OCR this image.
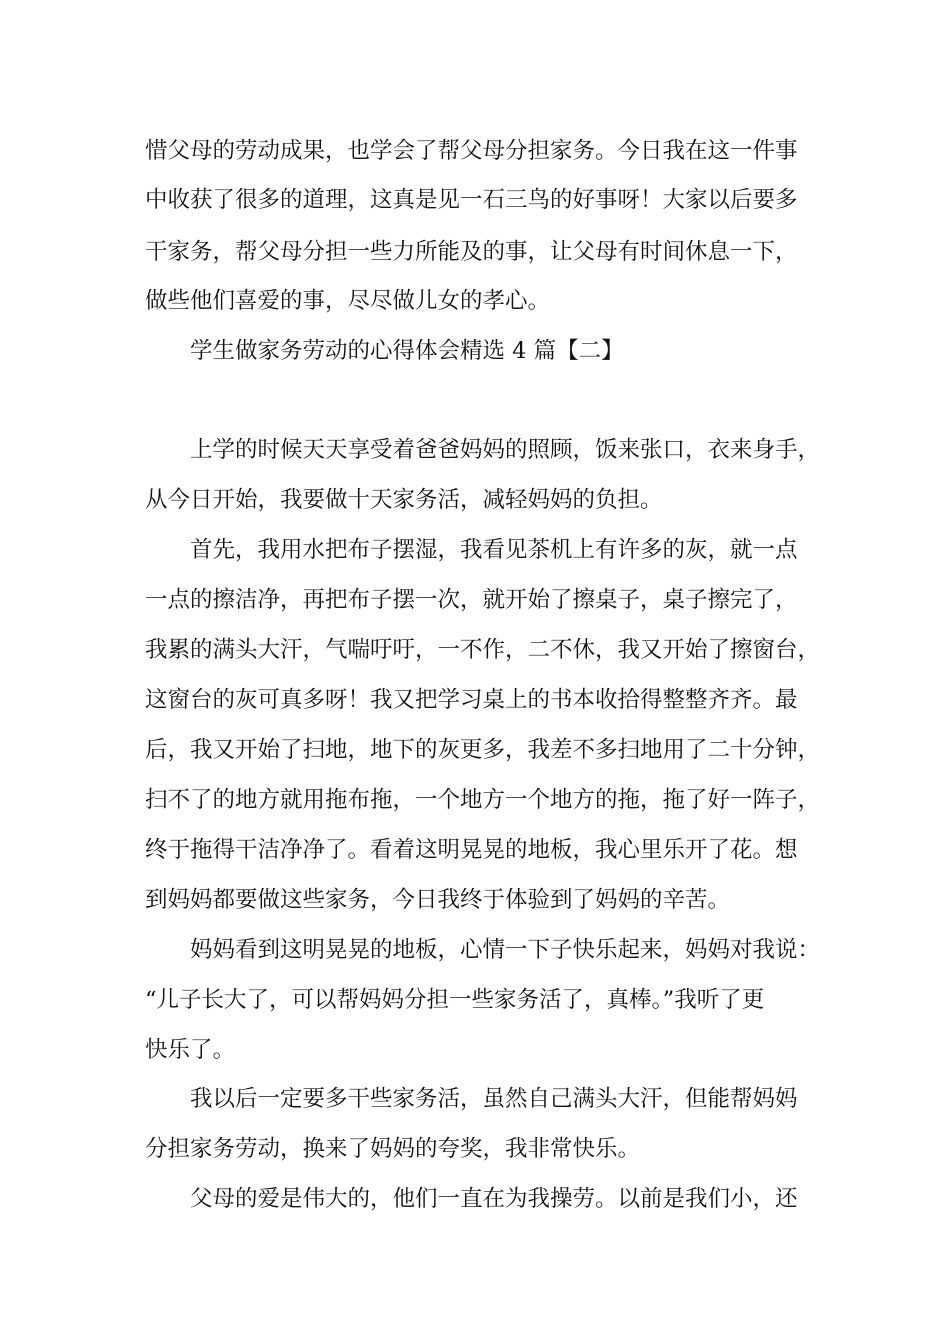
惜父母的劳动成果，也学会了帮父母分担家务。今日我在这一件事
中收获了很多的道理，这真是见一石三鸟的好事呀！大家以后要多
干家务，帮父母分担一些力所能及的事，让父母有时间休息一下，
做些他们喜爱的事，尽尽做儿女的孝心。
学生做家务劳动的心得体会精选 4 篇【二】
上学的时候天天享受着爸爸妈妈的照顾，饭来张口，衣来身手，
从今日开始，我要做十天家务活，减轻妈妈的负担。
首先，我用水把布子摆湿，我看见茶机上有许多的灰，就一点
一点的擦洁净，再把布子摆一次，就开始了擦桌子，桌子擦完了，
我累的满头大汗，气喘吁吁，一不作，二不休，我又开始了擦窗台，
这窗台的灰可真多呀！我又把学习桌上的书本收拾得整整齐齐。最
后，我又开始了扫地，地下的灰更多，我差不多扫地用了二十分钟，
扫不了的地方就用拖布拖，一个地方一个地方的拖，拖了好一阵子，
终于拖得干洁净净了。看着这明晃晃的地板，我心里乐开了花。想
到妈妈都要做这些家务，今日我终于体验到了妈妈的辛苦。
妈妈看到这明晃晃的地板，心情一下子快乐起来，妈妈对我说：
“儿子长大了，可以帮妈妈分担一些家务活了，真棒。”我听了更
快乐了。
我以后一定要多干些家务活，虽然自己满头大汗，但能帮妈妈
分担家务劳动，换来了妈妈的夸奖，我非常快乐。
父母的爱是伟大的，他们一直在为我操劳。以前是我们小，还
